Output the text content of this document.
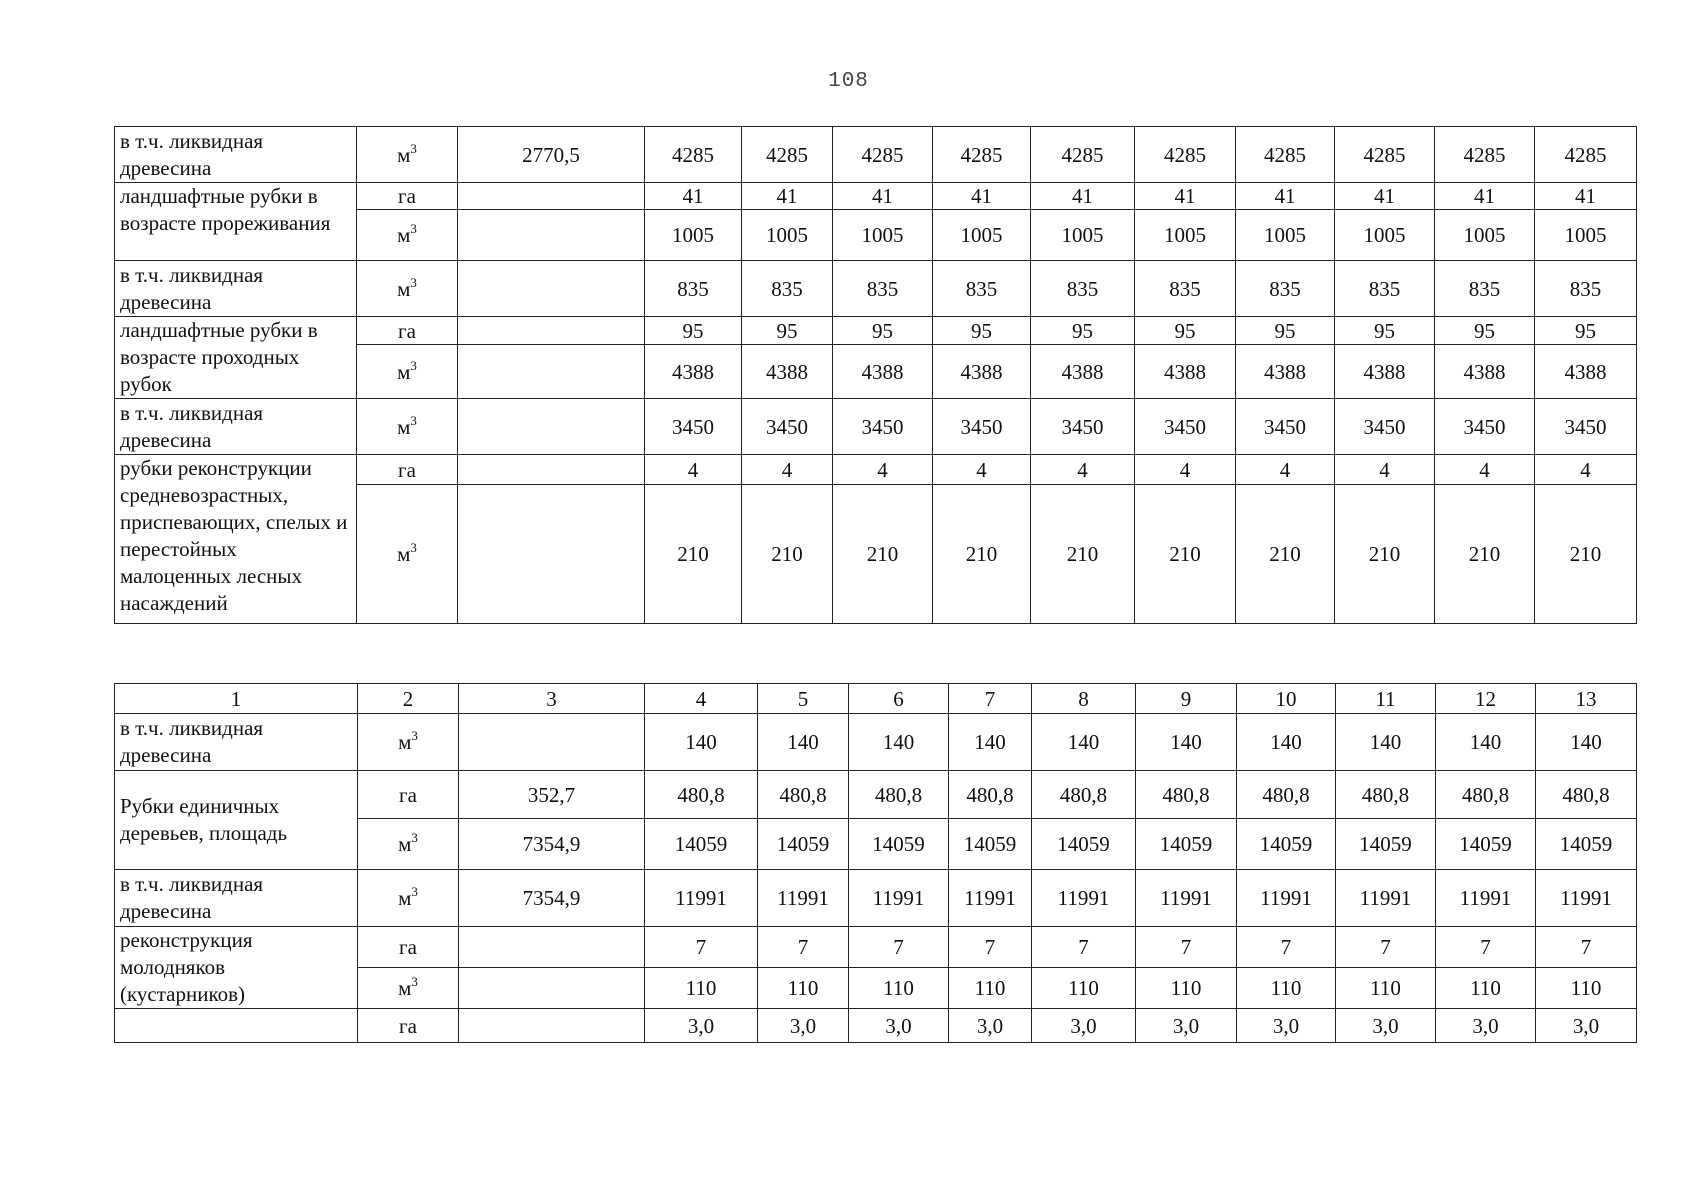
108
в т.ч. ликвидная древесина	$м^3$	2770,5	4285	4285	4285	4285	4285	4285	4285	4285	4285	4285
ландшафтные рубки в возрасте прореживания	га		41	41	41	41	41	41	41	41	41	41
	$м^3$		1005	1005	1005	1005	1005	1005	1005	1005	1005	1005
в т.ч. ликвидная древесина	$м^3$		835	835	835	835	835	835	835	835	835	835
ландшафтные рубки в возрасте проходных рубок	га		95	95	95	95	95	95	95	95	95	95
	$м^3$		4388	4388	4388	4388	4388	4388	4388	4388	4388	4388
в т.ч. ликвидная древесина	$м^3$		3450	3450	3450	3450	3450	3450	3450	3450	3450	3450
рубки реконструкции средневозрастных, приспевающих, спелых и перестойных малоценных лесных насаждений	га		4	4	4	4	4	4	4	4	4	4
	$м^3$		210	210	210	210	210	210	210	210	210	210
1	2	3	4	5	6	7	8	9	10	11	12	13
в т.ч. ликвидная древесина	$м^3$		140	140	140	140	140	140	140	140	140	140
Рубки единичных деревьев, площадь	га	352,7	480,8	480,8	480,8	480,8	480,8	480,8	480,8	480,8	480,8	480,8
	$м^3$	7354,9	14059	14059	14059	14059	14059	14059	14059	14059	14059	14059
в т.ч. ликвидная древесина	$м^3$	7354,9	11991	11991	11991	11991	11991	11991	11991	11991	11991	11991
реконструкция молодняков (кустарников)	га		7	7	7	7	7	7	7	7	7	7
	$м^3$		110	110	110	110	110	110	110	110	110	110
	га		3,0	3,0	3,0	3,0	3,0	3,0	3,0	3,0	3,0	3,0
